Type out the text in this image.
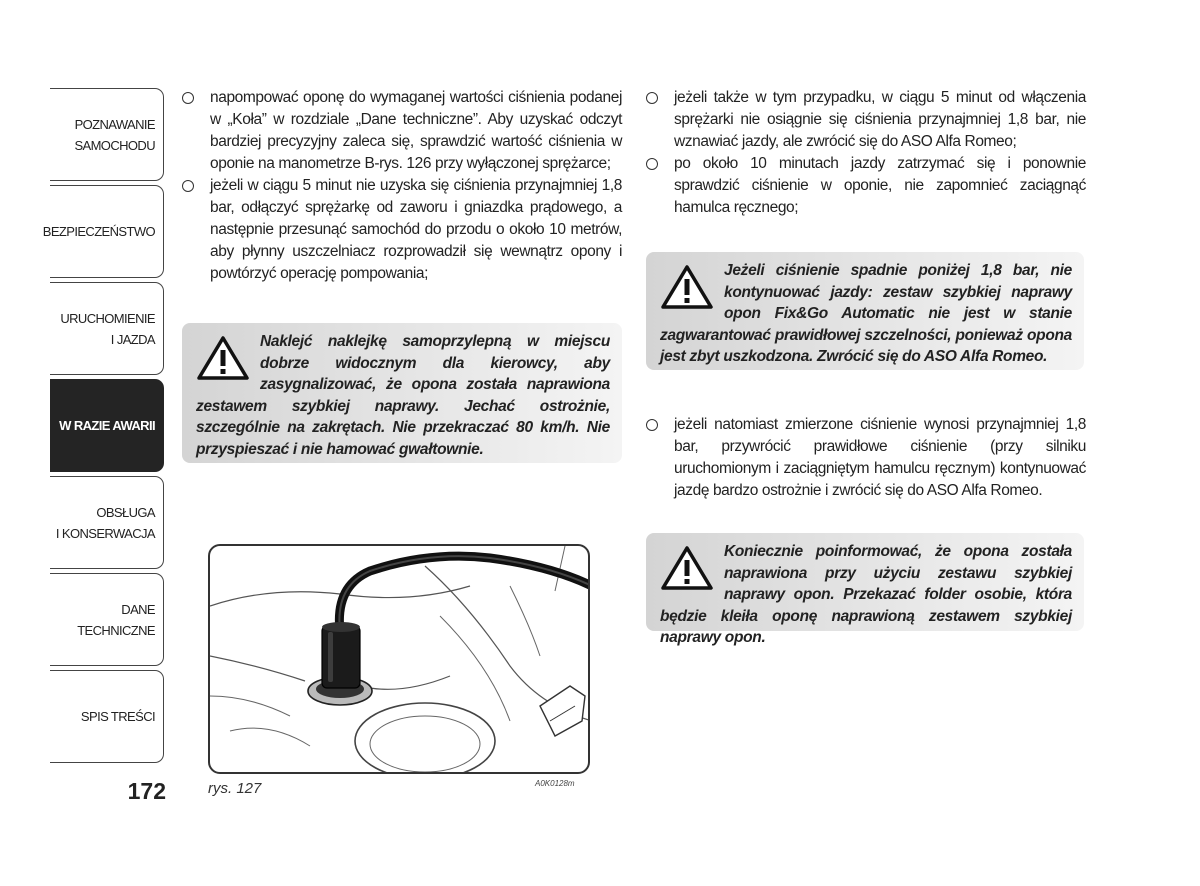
POZNAWANIE
SAMOCHODU
BEZPIECZEŃSTWO
URUCHOMIENIE
I JAZDA
W RAZIE AWARII
OBSŁUGA
I KONSERWACJA
DANE
TECHNICZNE
SPIS TREŚCI
172
napompować oponę do wymaganej wartości ciśnienia podanej w „Koła” w rozdziale „Dane techniczne”. Aby uzyskać odczyt bardziej precyzyjny zaleca się, sprawdzić wartość ciśnienia w oponie na manometrze B-rys. 126 przy wyłączonej sprężarce;
jeżeli w ciągu 5 minut nie uzyska się ciśnienia przynajmniej 1,8 bar, odłączyć sprężarkę od zaworu i gniazdka prądowego, a następnie przesunąć samochód do przodu o około 10 metrów, aby płynny uszczelniacz rozprowadził się wewnątrz opony i powtórzyć operację pompowania;
Naklejć naklejkę samoprzylepną w miejscu dobrze widocznym dla kierowcy, aby zasygnalizować, że opona została naprawiona zestawem szybkiej naprawy. Jechać ostrożnie, szczególnie na zakrętach. Nie przekraczać 80 km/h. Nie przyspieszać i nie hamować gwałtownie.
rys. 127	A0K0128m
jeżeli także w tym przypadku, w ciągu 5 minut od włączenia sprężarki nie osiągnie się ciśnienia przynajmniej 1,8 bar, nie wznawiać jazdy, ale zwrócić się do ASO Alfa Romeo;
po około 10 minutach jazdy zatrzymać się i ponownie sprawdzić ciśnienie w oponie, nie zapomnieć zaciągnąć hamulca ręcznego;
Jeżeli ciśnienie spadnie poniżej 1,8 bar, nie kontynuować jazdy: zestaw szybkiej naprawy opon Fix&Go Automatic nie jest w stanie zagwarantować prawidłowej szczelności, ponieważ opona jest zbyt uszkodzona. Zwrócić się do ASO Alfa Romeo.
jeżeli natomiast zmierzone ciśnienie wynosi przynajmniej 1,8 bar, przywrócić prawidłowe ciśnienie (przy silniku uruchomionym i zaciągniętym hamulcu ręcznym) kontynuować jazdę bardzo ostrożnie i zwrócić się do ASO Alfa Romeo.
Koniecznie poinformować, że opona została naprawiona przy użyciu zestawu szybkiej naprawy opon. Przekazać folder osobie, która będzie kleiła oponę naprawioną zestawem szybkiej naprawy opon.
